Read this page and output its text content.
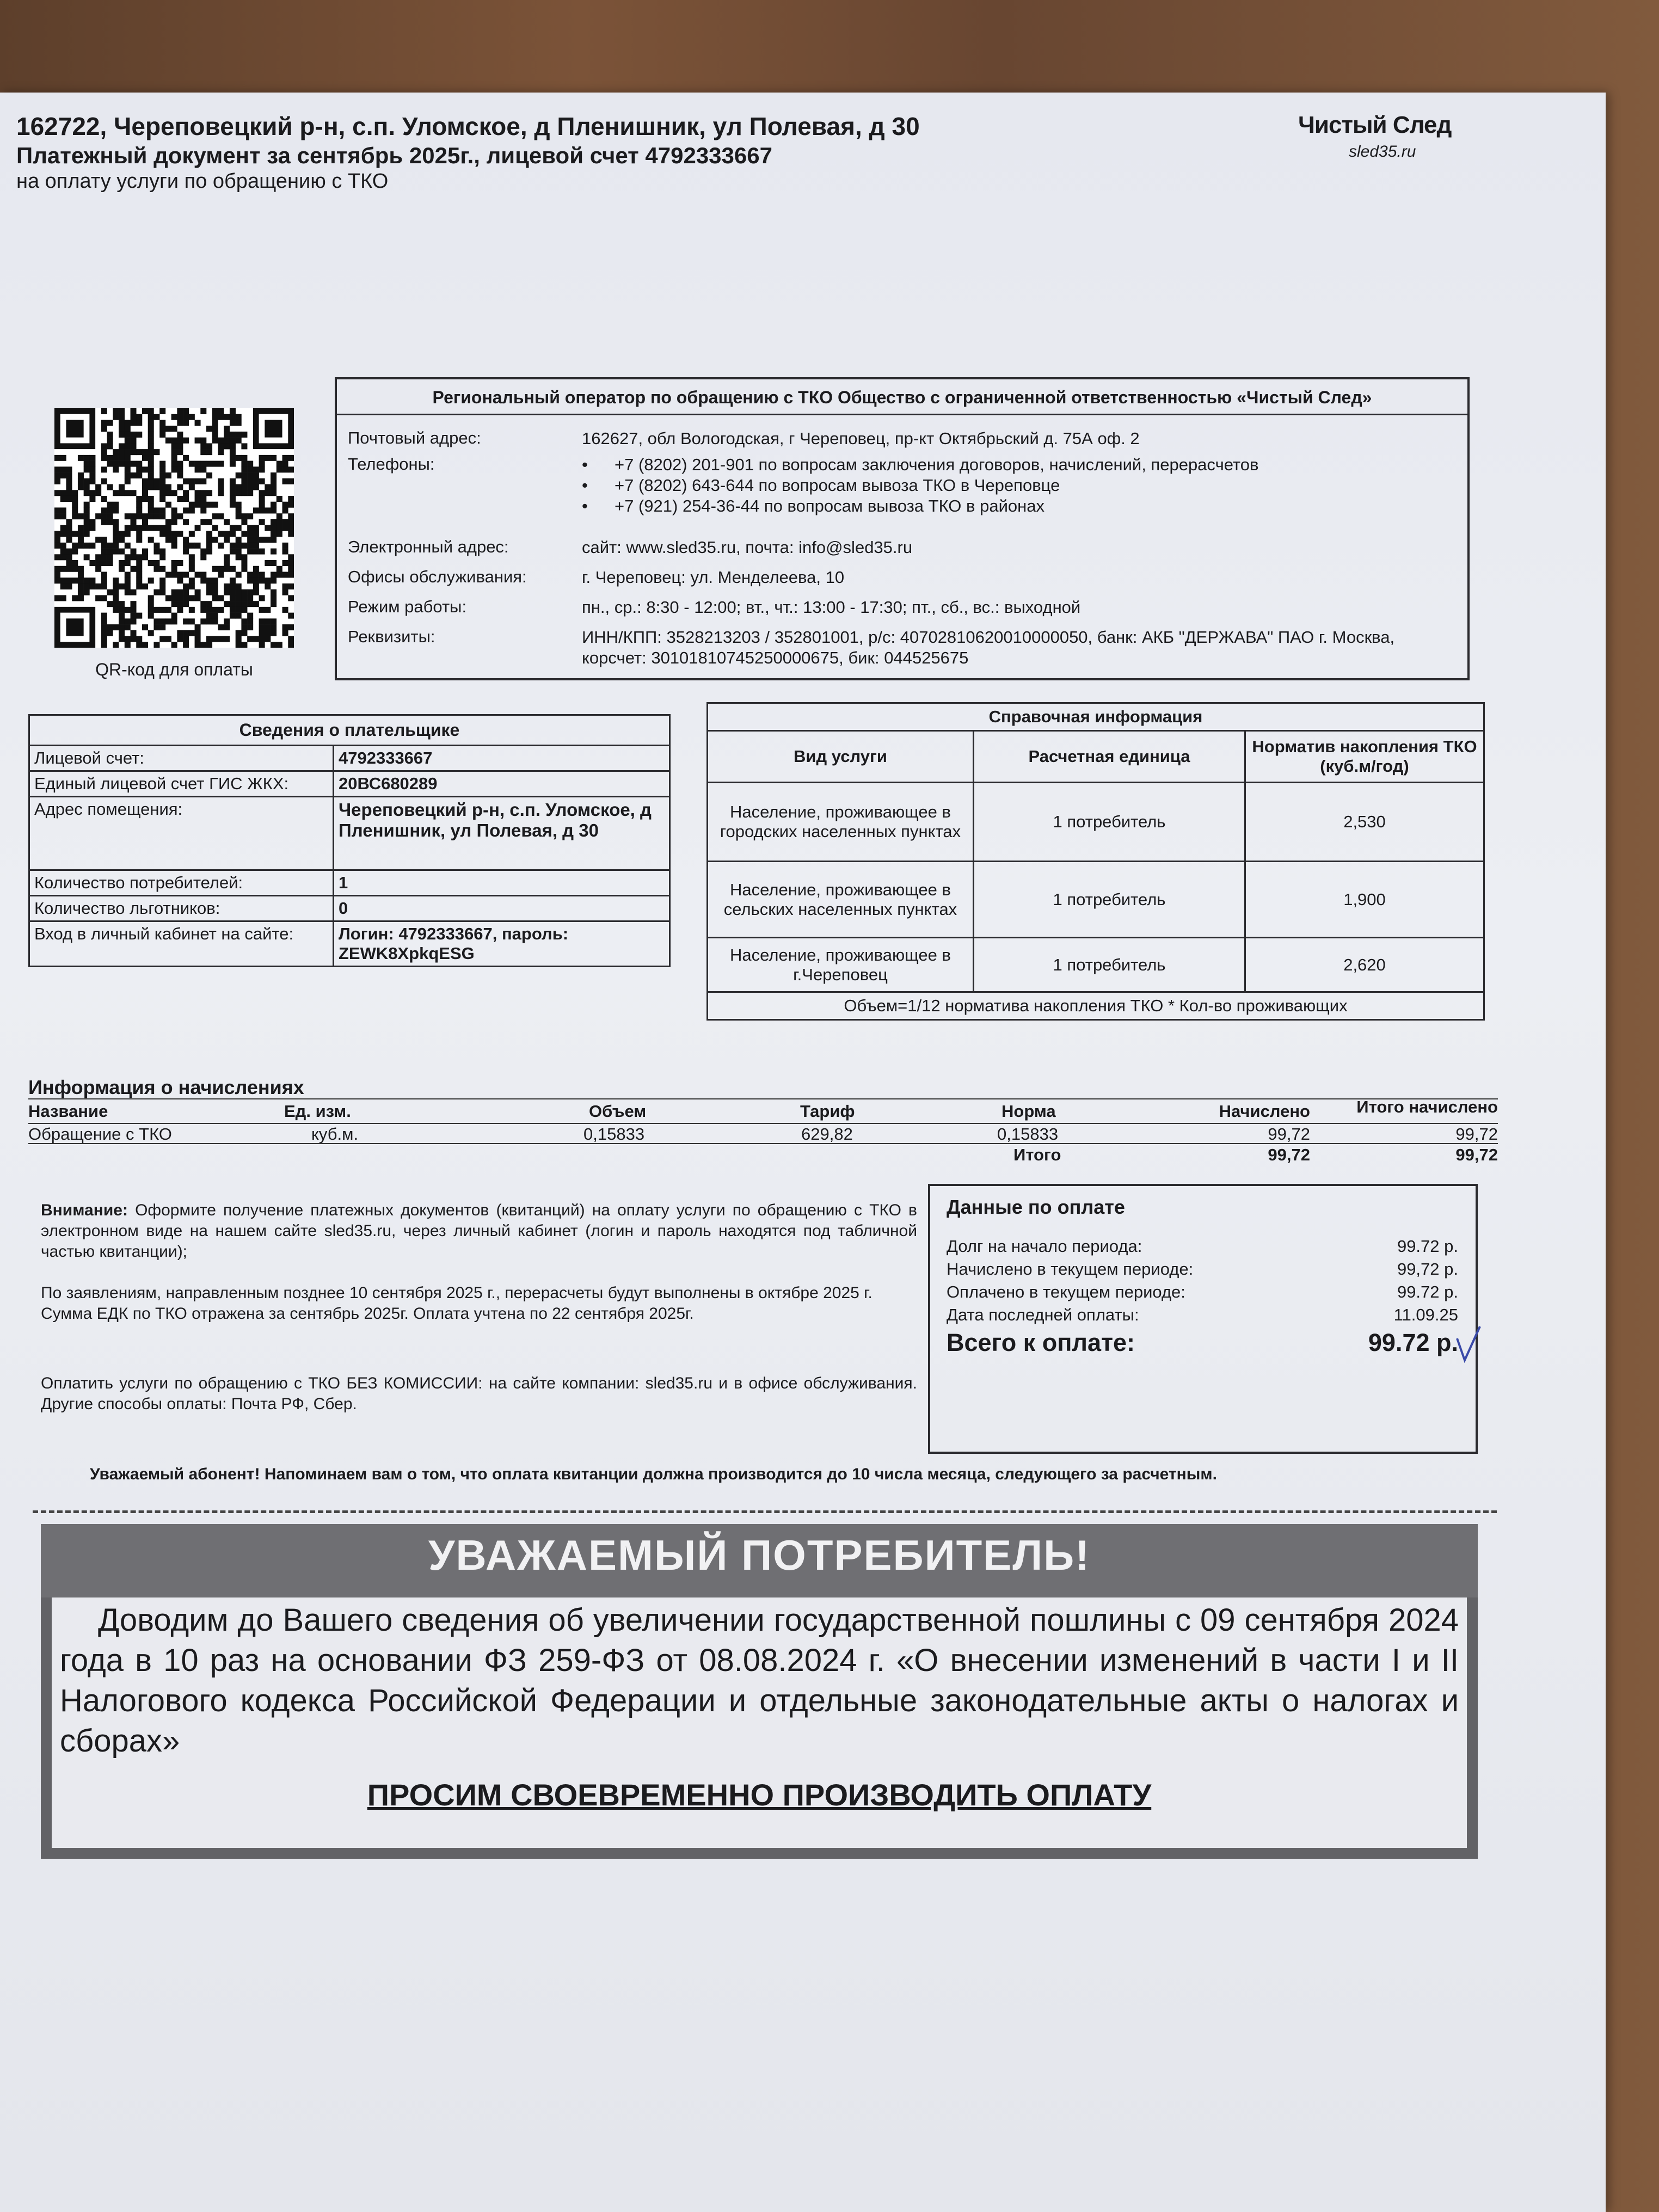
162722, Череповецкий р-н, с.п. Уломское, д Пленишник, ул Полевая, д 30
Платежный документ за сентябрь 2025г., лицевой счет 4792333667
на оплату услуги по обращению с ТКО
Чистый След
sled35.ru
QR-код для оплаты
Региональный оператор по обращению с ТКО Общество с ограниченной ответственностью «Чистый След»
Почтовый адрес:	162627, обл Вологодская, г Череповец, пр-кт Октябрьский д. 75А оф. 2
Телефоны:	• +7 (8202) 201-901 по вопросам заключения договоров, начислений, перерасчетов
• +7 (8202) 643-644 по вопросам вывоза ТКО в Череповце
• +7 (921) 254-36-44 по вопросам вывоза ТКО в районах
Электронный адрес:	сайт: www.sled35.ru, почта: info@sled35.ru
Офисы обслуживания:	г. Череповец: ул. Менделеева, 10
Режим работы:	пн., ср.: 8:30 - 12:00; вт., чт.: 13:00 - 17:30; пт., сб., вс.: выходной
Реквизиты:	ИНН/КПП: 3528213203 / 352801001, р/с: 40702810620010000050, банк: АКБ "ДЕРЖАВА" ПАО г. Москва, корсчет: 30101810745250000675, бик: 044525675
Сведения о плательщике	
Лицевой счет:	4792333667
Единый лицевой счет ГИС ЖКХ:	20ВС680289
Адрес помещения:	Череповецкий р-н, с.п. Уломское, д Пленишник, ул Полевая, д 30
Количество потребителей:	1
Количество льготников:	0
Вход в личный кабинет на сайте:	Логин: 4792333667, пароль: ZEWK8XpkqESG
Справочная информация		
Вид услуги	Расчетная единица	Норматив накопления ТКО (куб.м/год)
Население, проживающее в городских населенных пунктах	1 потребитель	2,530
Население, проживающее в сельских населенных пунктах	1 потребитель	1,900
Население, проживающее в г.Череповец	1 потребитель	2,620
Объем=1/12 норматива накопления ТКО * Кол-во проживающих		
Информация о начислениях
Название	Ед. изм.	Объем	Тариф	Норма	Начислено	Итого начислено
Обращение с ТКО	куб.м.	0,15833	629,82	0,15833	99,72	99,72
Итого	99,72	99,72
Внимание: Оформите получение платежных документов (квитанций) на оплату услуги по обращению с ТКО в электронном виде на нашем сайте sled35.ru, через личный кабинет (логин и пароль находятся под табличной частью квитанции);
По заявлениям, направленным позднее 10 сентября 2025 г., перерасчеты будут выполнены в октябре 2025 г.
Сумма ЕДК по ТКО отражена за сентябрь 2025г. Оплата учтена по 22 сентября 2025г.
Оплатить услуги по обращению с ТКО БЕЗ КОМИССИИ: на сайте компании: sled35.ru и в офисе обслуживания. Другие способы оплаты: Почта РФ, Сбер.
Данные по оплате
Долг на начало периода:	99.72 р.
Начислено в текущем периоде:	99,72 р.
Оплачено в текущем периоде:	99.72 р.
Дата последней оплаты:	11.09.25
Всего к оплате:	99.72 р.
Уважаемый абонент! Напоминаем вам о том, что оплата квитанции должна производится до 10 числа месяца, следующего за расчетным.
УВАЖАЕМЫЙ ПОТРЕБИТЕЛЬ!
Доводим до Вашего сведения об увеличении государственной пошлины с 09 сентября 2024 года в 10 раз на основании ФЗ 259-ФЗ от 08.08.2024 г. «О внесении изменений в части I и II Налогового кодекса Российской Федерации и отдельные законодательные акты о налогах и сборах»
ПРОСИМ СВОЕВРЕМЕННО ПРОИЗВОДИТЬ ОПЛАТУ
